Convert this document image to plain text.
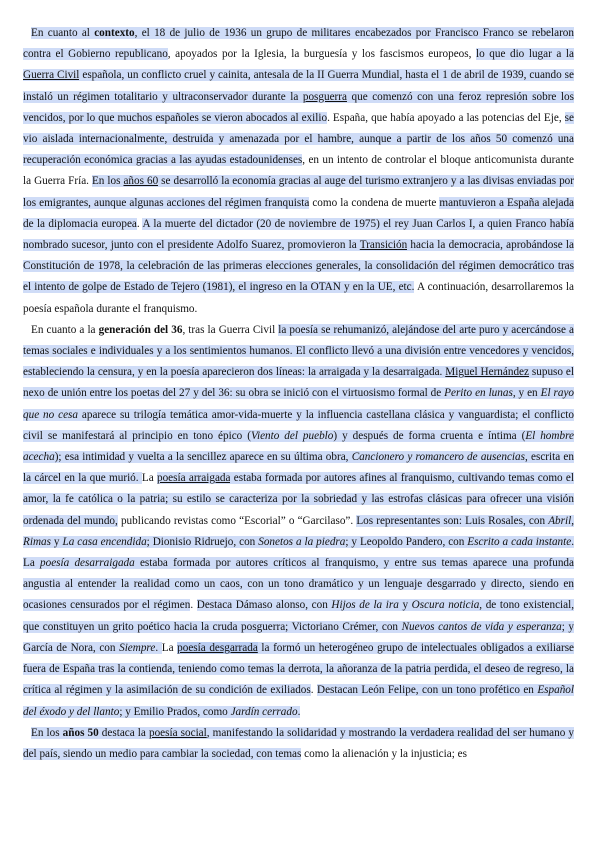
En cuanto al contexto, el 18 de julio de 1936 un grupo de militares encabezados por Francisco Franco se rebelaron contra el Gobierno republicano, apoyados por la Iglesia, la burguesía y los fascismos europeos, lo que dio lugar a la Guerra Civil española, un conflicto cruel y cainita, antesala de la II Guerra Mundial, hasta el 1 de abril de 1939, cuando se instaló un régimen totalitario y ultraconservador durante la posguerra que comenzó con una feroz represión sobre los vencidos, por lo que muchos españoles se vieron abocados al exilio. España, que había apoyado a las potencias del Eje, se vio aislada internacionalmente, destruida y amenazada por el hambre, aunque a partir de los años 50 comenzó una recuperación económica gracias a las ayudas estadounidenses, en un intento de controlar el bloque anticomunista durante la Guerra Fría. En los años 60 se desarrolló la economía gracias al auge del turismo extranjero y a las divisas enviadas por los emigrantes, aunque algunas acciones del régimen franquista como la condena de muerte mantuvieron a España alejada de la diplomacia europea. A la muerte del dictador (20 de noviembre de 1975) el rey Juan Carlos I, a quien Franco había nombrado sucesor, junto con el presidente Adolfo Suarez, promovieron la Transición hacia la democracia, aprobándose la Constitución de 1978, la celebración de las primeras elecciones generales, la consolidación del régimen democrático tras el intento de golpe de Estado de Tejero (1981), el ingreso en la OTAN y en la UE, etc. A continuación, desarrollaremos la poesía española durante el franquismo.

En cuanto a la generación del 36, tras la Guerra Civil la poesía se rehumanizó, alejándose del arte puro y acercándose a temas sociales e individuales y a los sentimientos humanos. El conflicto llevó a una división entre vencedores y vencidos, estableciendo la censura, y en la poesía aparecieron dos líneas: la arraigada y la desarraigada. Miguel Hernández supuso el nexo de unión entre los poetas del 27 y del 36: su obra se inició con el virtuosismo formal de Perito en lunas, y en El rayo que no cesa aparece su trilogía temática amor-vida-muerte y la influencia castellana clásica y vanguardista; el conflicto civil se manifestará al principio en tono épico (Viento del pueblo) y después de forma cruenta e íntima (El hombre acecha); esa intimidad y vuelta a la sencillez aparece en su última obra, Cancionero y romancero de ausencias, escrita en la cárcel en la que murió. La poesía arraigada estaba formada por autores afines al franquismo, cultivando temas como el amor, la fe católica o la patria; su estilo se caracteriza por la sobriedad y las estrofas clásicas para ofrecer una visión ordenada del mundo, publicando revistas como “Escorial” o “Garcilaso”. Los representantes son: Luis Rosales, con Abril, Rimas y La casa encendida; Dionisio Ridruejo, con Sonetos a la piedra; y Leopoldo Pandero, con Escrito a cada instante. La poesía desarraigada estaba formada por autores críticos al franquismo, y entre sus temas aparece una profunda angustia al entender la realidad como un caos, con un tono dramático y un lenguaje desgarrado y directo, siendo en ocasiones censurados por el régimen. Destaca Dámaso alonso, con Hijos de la ira y Oscura noticia, de tono existencial, que constituyen un grito poético hacia la cruda posguerra; Victoriano Crémer, con Nuevos cantos de vida y esperanza; y García de Nora, con Siempre. La poesía desgarrada la formó un heterogéneo grupo de intelectuales obligados a exiliarse fuera de España tras la contienda, teniendo como temas la derrota, la añoranza de la patria perdida, el deseo de regreso, la crítica al régimen y la asimilación de su condición de exiliados. Destacan León Felipe, con un tono profético en Español del éxodo y del llanto; y Emilio Prados, como Jardín cerrado.

En los años 50 destaca la poesía social, manifestando la solidaridad y mostrando la verdadera realidad del ser humano y del país, siendo un medio para cambiar la sociedad, con temas como la alienación y la injusticia; es
